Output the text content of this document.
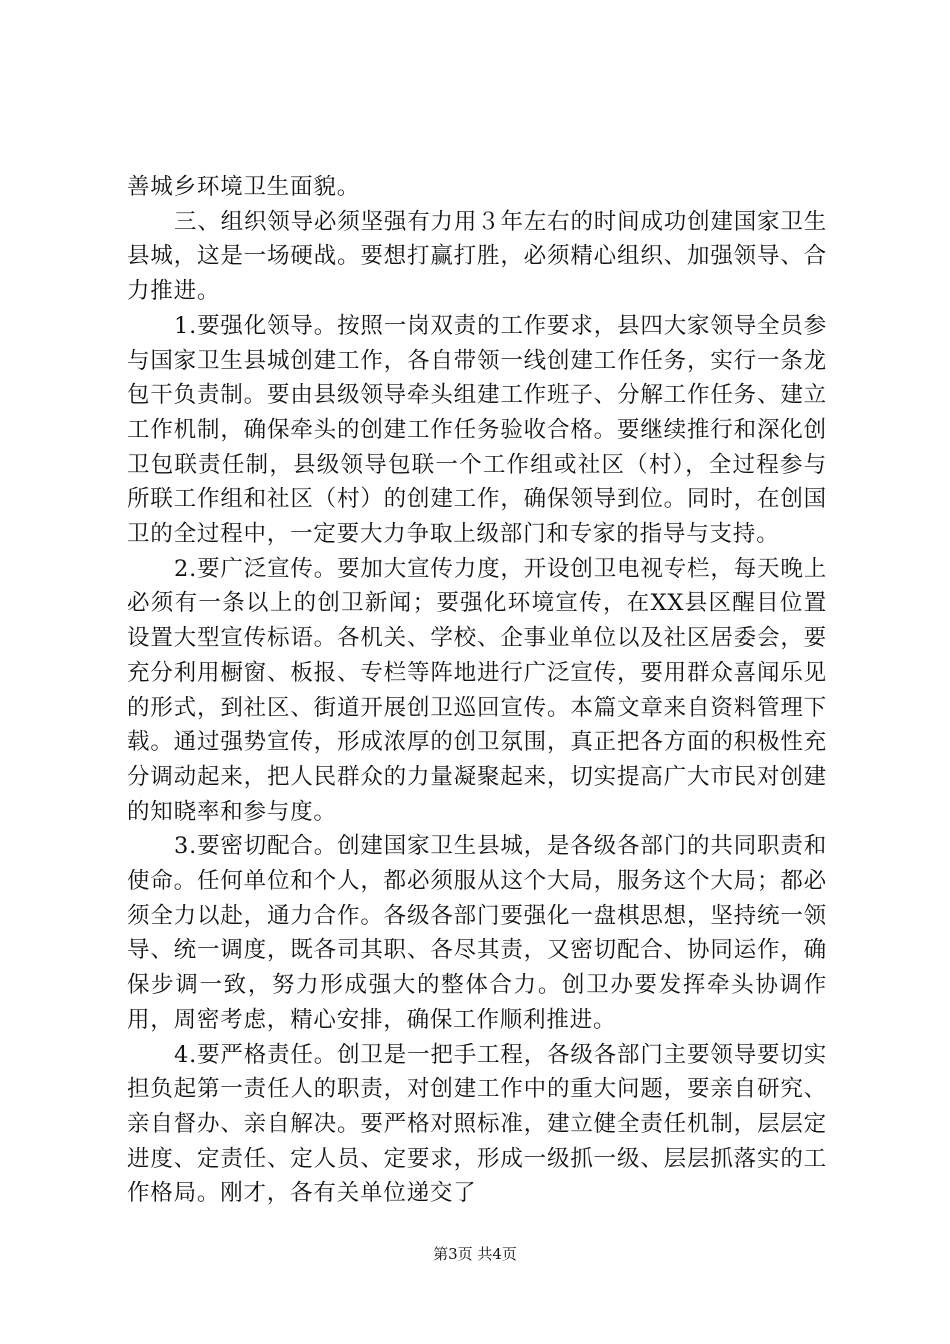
善城乡环境卫生面貌。

三、组织领导必须坚强有力用３年左右的时间成功创建国家卫生县城，这是一场硬战。要想打赢打胜，必须精心组织、加强领导、合力推进。

1.要强化领导。按照一岗双责的工作要求，县四大家领导全员参与国家卫生县城创建工作，各自带领一线创建工作任务，实行一条龙包干负责制。要由县级领导牵头组建工作班子、分解工作任务、建立工作机制，确保牵头的创建工作任务验收合格。要继续推行和深化创卫包联责任制，县级领导包联一个工作组或社区（村），全过程参与所联工作组和社区（村）的创建工作，确保领导到位。同时，在创国卫的全过程中，一定要大力争取上级部门和专家的指导与支持。

2.要广泛宣传。要加大宣传力度，开设创卫电视专栏，每天晚上必须有一条以上的创卫新闻；要强化环境宣传，在XX县区醒目位置设置大型宣传标语。各机关、学校、企事业单位以及社区居委会，要充分利用橱窗、板报、专栏等阵地进行广泛宣传，要用群众喜闻乐见的形式，到社区、街道开展创卫巡回宣传。本篇文章来自资料管理下载。通过强势宣传，形成浓厚的创卫氛围，真正把各方面的积极性充分调动起来，把人民群众的力量凝聚起来，切实提高广大市民对创建的知晓率和参与度。

3.要密切配合。创建国家卫生县城，是各级各部门的共同职责和使命。任何单位和个人，都必须服从这个大局，服务这个大局；都必须全力以赴，通力合作。各级各部门要强化一盘棋思想，坚持统一领导、统一调度，既各司其职、各尽其责，又密切配合、协同运作，确保步调一致，努力形成强大的整体合力。创卫办要发挥牵头协调作用，周密考虑，精心安排，确保工作顺利推进。

4.要严格责任。创卫是一把手工程，各级各部门主要领导要切实担负起第一责任人的职责，对创建工作中的重大问题，要亲自研究、亲自督办、亲自解决。要严格对照标准，建立健全责任机制，层层定进度、定责任、定人员、定要求，形成一级抓一级、层层抓落实的工作格局。刚才，各有关单位递交了

第3页 共4页
